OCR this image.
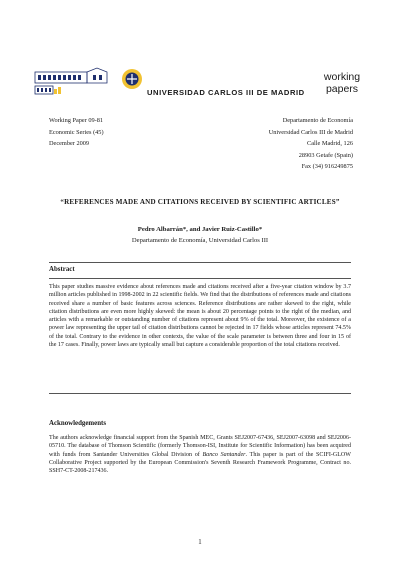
UNIVERSIDAD CARLOS III DE MADRID
working
papers
Working Paper 09-81
Economic Series (45)
December 2009
Departamento de Economía
Universidad Carlos III de Madrid
Calle Madrid, 126
28903 Getafe (Spain)
Fax (34) 916249875
“REFERENCES MADE AND CITATIONS RECEIVED BY SCIENTIFIC ARTICLES”
Pedro Albarrán*, and Javier Ruiz-Castillo*
Departamento de Economía, Universidad Carlos III
Abstract

This paper studies massive evidence about references made and citations received after a five-year citation window by 3.7 million articles published in 1998-2002 in 22 scientific fields. We find that the distributions of references made and citations received share a number of basic features across sciences. Reference distributions are rather skewed to the right, while citation distributions are even more highly skewed: the mean is about 20 percentage points to the right of the median, and articles with a remarkable or outstanding number of citations represent about 9% of the total. Moreover, the existence of a power law representing the upper tail of citation distributions cannot be rejected in 17 fields whose articles represent 74.5% of the total. Contrary to the evidence in other contexts, the value of the scale parameter is between three and four in 15 of the 17 cases. Finally, power laws are typically small but capture a considerable proportion of the total citations received.

Acknowledgements

The authors acknowledge financial support from the Spanish MEC, Grants SEJ2007-67436, SEJ2007-63098 and SEJ2006-05710. The database of Thomson Scientific (formerly Thomson-ISI, Institute for Scientific Information) has been acquired with funds from Santander Universities Global Division of Banco Santander. This paper is part of the SCIFI-GLOW Collaborative Project supported by the European Commission's Seventh Research Framework Programme, Contract no. SSH7-CT-2008-217436.

1
